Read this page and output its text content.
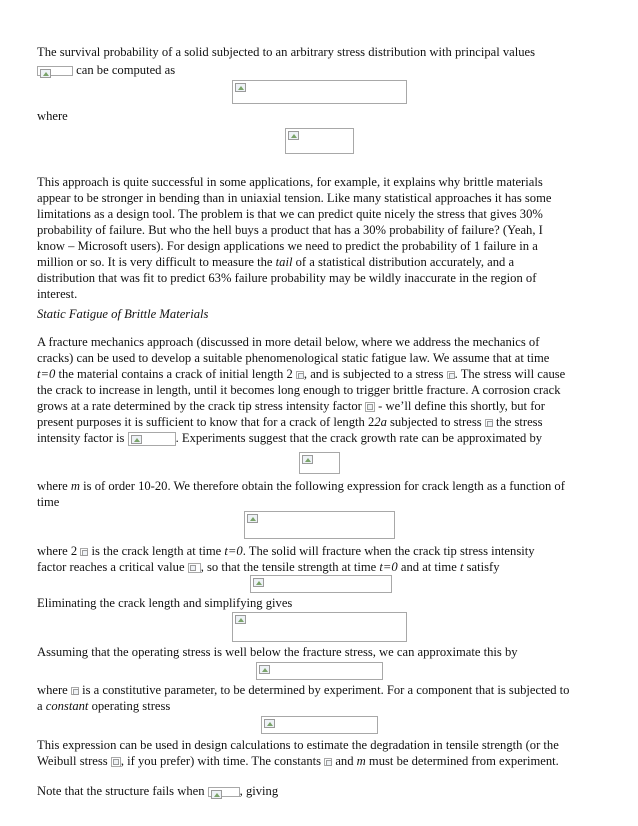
The survival probability of a solid subjected to an arbitrary stress distribution with principal values
can be computed as
where
This approach is quite successful in some applications, for example, it explains why brittle materials
appear to be stronger in bending than in uniaxial tension. Like many statistical approaches it has some
limitations as a design tool. The problem is that we can predict quite nicely the stress that gives 30%
probability of failure. But who the hell buys a product that has a 30% probability of failure? (Yeah, I
know – Microsoft users). For design applications we need to predict the probability of 1 failure in a
million or so. It is very difficult to measure the tail of a statistical distribution accurately, and a
distribution that was fit to predict 63% failure probability may be wildly inaccurate in the region of
interest.
Static Fatigue of Brittle Materials
A fracture mechanics approach (discussed in more detail below, where we address the mechanics of
cracks) can be used to develop a suitable phenomenological static fatigue law. We assume that at time
t=0 the material contains a crack of initial length 2 , and is subjected to a stress . The stress will cause
the crack to increase in length, until it becomes long enough to trigger brittle fracture. A corrosion crack
grows at a rate determined by the crack tip stress intensity factor
- we’ll define this shortly, but for
present purposes it is sufficient to know that for a crack of length 22a subjected to stress
the stress
intensity factor is	. Experiments suggest that the crack growth rate can be approximated by
where m is of order 10-20. We therefore obtain the following expression for crack length as a function of
time
where 2
is the crack length at time t=0. The solid will fracture when the crack tip stress intensity
factor reaches a critical value , so that the tensile strength at time t=0 and at time t satisfy
Eliminating the crack length and simplifying gives
Assuming that the operating stress is well below the fracture stress, we can approximate this by
where
is a constitutive parameter, to be determined by experiment. For a component that is subjected to
a constant operating stress
This expression can be used in design calculations to estimate the degradation in tensile strength (or the
Weibull stress , if you prefer) with time. The constants
and m must be determined from experiment.
Note that the structure fails when	, giving
